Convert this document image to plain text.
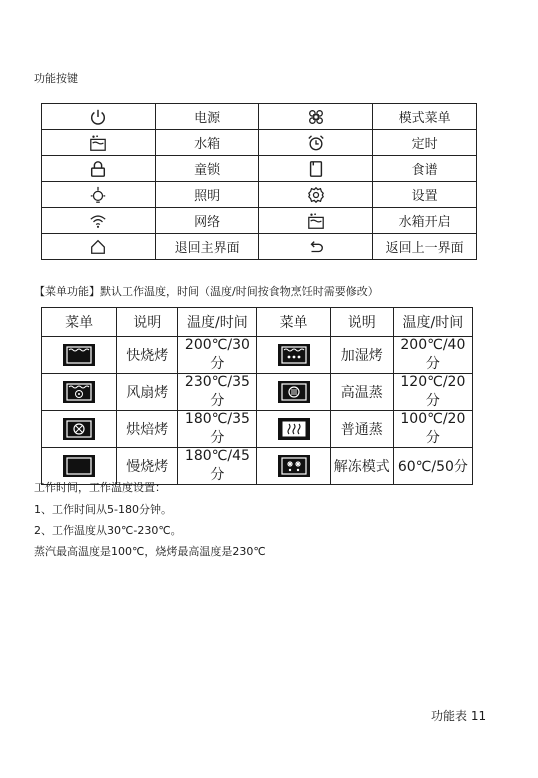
功能按键
	电源		模式菜单
	水箱		定时
	童锁		食谱
	照明		设置
	网络		水箱开启
	退回主界面		返回上一界面
【菜单功能】默认工作温度，时间（温度/时间按食物烹饪时需要修改）
菜单	说明	温度/时间	菜单	说明	温度/时间
	快烧烤	200℃/30分		加湿烤	200℃/40分
	风扇烤	230℃/35分		高温蒸	120℃/20分
	烘焙烤	180℃/35分		普通蒸	100℃/20分
	慢烧烤	180℃/45分		解冻模式	60℃/50分
工作时间，工作温度设置：
1、工作时间从5-180分钟。
2、工作温度从30℃-230℃。
蒸汽最高温度是100℃，烧烤最高温度是230℃
功能表 11
